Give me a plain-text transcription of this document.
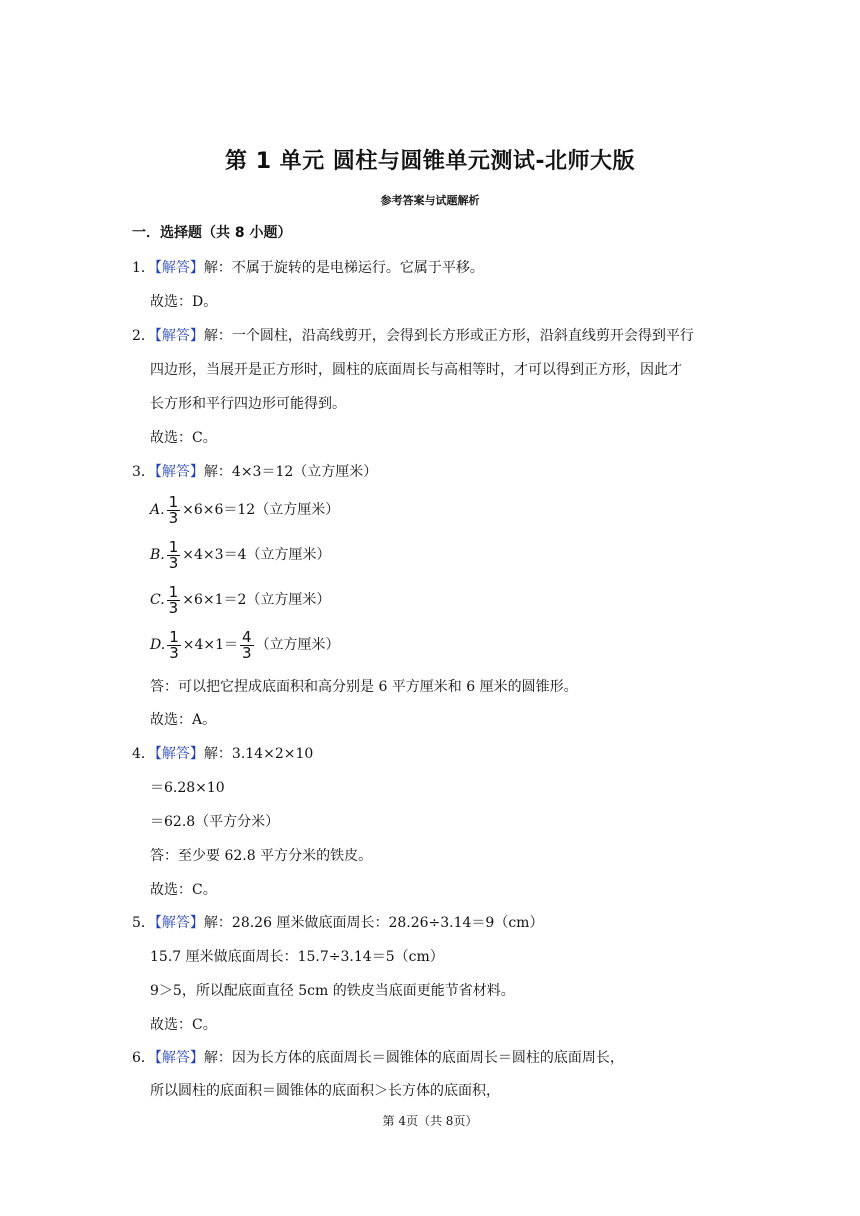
第 1 单元 圆柱与圆锥单元测试-北师大版
参考答案与试题解析
一．选择题（共 8 小题）
1．【解答】解：不属于旋转的是电梯运行。它属于平移。
故选：D。
2．【解答】解：一个圆柱，沿高线剪开，会得到长方形或正方形，沿斜直线剪开会得到平行
四边形，当展开是正方形时，圆柱的底面周长与高相等时，才可以得到正方形，因此才
长方形和平行四边形可能得到。
故选：C。
3．【解答】解：4×3＝12（立方厘米）
A. $\frac{1}{3} \times 6\times 6=12$（立方厘米）
B. $\frac{1}{3} \times 4\times 3=4$（立方厘米）
C. $\frac{1}{3} \times 6\times 1=2$（立方厘米）
D. $\frac{1}{3} \times 4\times 1= \frac{4}{3}$ （立方厘米）
答：可以把它捏成底面积和高分别是 6 平方厘米和 6 厘米的圆锥形。
故选：A。
4．【解答】解：3.14×2×10
＝6.28×10
＝62.8（平方分米）
答：至少要 62.8 平方分米的铁皮。
故选：C。
5．【解答】解：28.26 厘米做底面周长：28.26÷3.14＝9（cm）
15.7 厘米做底面周长：15.7÷3.14＝5（cm）
9＞5，所以配底面直径 5cm 的铁皮当底面更能节省材料。
故选：C。
6．【解答】解：因为长方体的底面周长＝圆锥体的底面周长＝圆柱的底面周长，
所以圆柱的底面积＝圆锥体的底面积＞长方体的底面积，
第 4页（共 8页）
